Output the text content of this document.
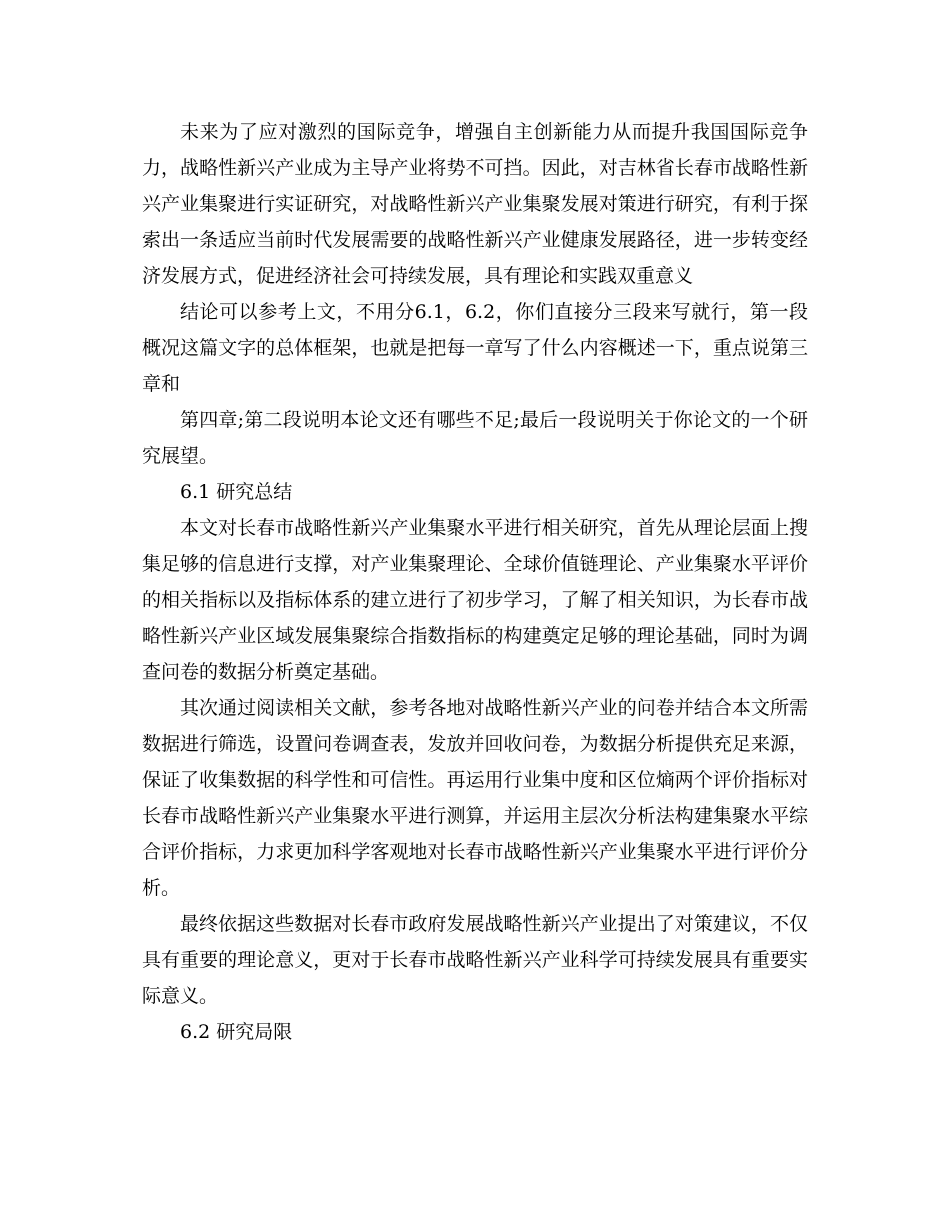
未来为了应对激烈的国际竞争，增强自主创新能力从而提升我国国际竞争力，战略性新兴产业成为主导产业将势不可挡。因此，对吉林省长春市战略性新兴产业集聚进行实证研究，对战略性新兴产业集聚发展对策进行研究，有利于探索出一条适应当前时代发展需要的战略性新兴产业健康发展路径，进一步转变经济发展方式，促进经济社会可持续发展，具有理论和实践双重意义

结论可以参考上文，不用分6.1，6.2，你们直接分三段来写就行，第一段概况这篇文字的总体框架，也就是把每一章写了什么内容概述一下，重点说第三章和

第四章;第二段说明本论文还有哪些不足;最后一段说明关于你论文的一个研究展望。

6.1 研究总结

本文对长春市战略性新兴产业集聚水平进行相关研究，首先从理论层面上搜集足够的信息进行支撑，对产业集聚理论、全球价值链理论、产业集聚水平评价的相关指标以及指标体系的建立进行了初步学习，了解了相关知识，为长春市战略性新兴产业区域发展集聚综合指数指标的构建奠定足够的理论基础，同时为调查问卷的数据分析奠定基础。

其次通过阅读相关文献，参考各地对战略性新兴产业的问卷并结合本文所需数据进行筛选，设置问卷调查表，发放并回收问卷，为数据分析提供充足来源，保证了收集数据的科学性和可信性。再运用行业集中度和区位熵两个评价指标对长春市战略性新兴产业集聚水平进行测算，并运用主层次分析法构建集聚水平综合评价指标，力求更加科学客观地对长春市战略性新兴产业集聚水平进行评价分析。

最终依据这些数据对长春市政府发展战略性新兴产业提出了对策建议，不仅具有重要的理论意义，更对于长春市战略性新兴产业科学可持续发展具有重要实际意义。

6.2 研究局限
